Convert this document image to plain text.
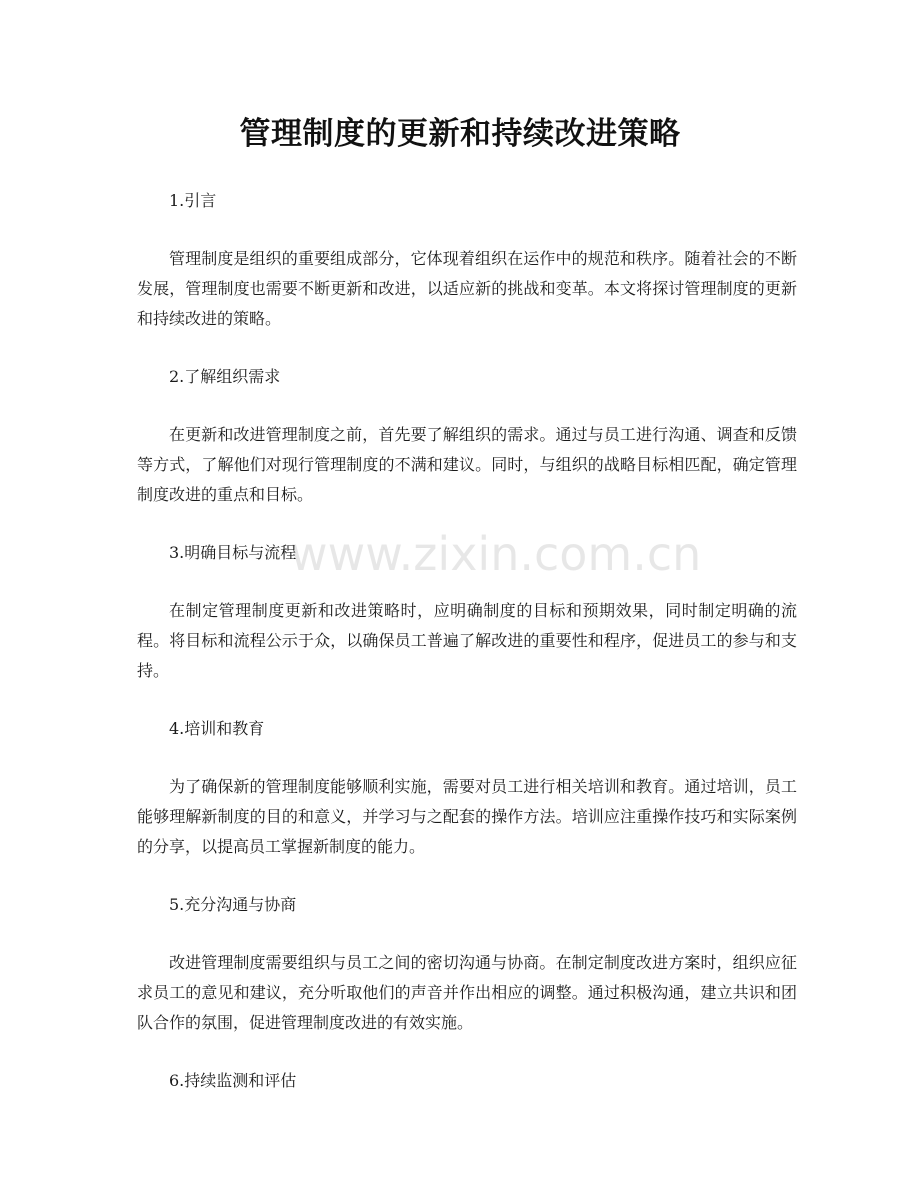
管理制度的更新和持续改进策略
www.zixin.com.cn

1.引言

管理制度是组织的重要组成部分，它体现着组织在运作中的规范和秩序。随着社会的不断发展，管理制度也需要不断更新和改进，以适应新的挑战和变革。本文将探讨管理制度的更新和持续改进的策略。

2.了解组织需求

在更新和改进管理制度之前，首先要了解组织的需求。通过与员工进行沟通、调查和反馈等方式，了解他们对现行管理制度的不满和建议。同时，与组织的战略目标相匹配，确定管理制度改进的重点和目标。

3.明确目标与流程

在制定管理制度更新和改进策略时，应明确制度的目标和预期效果，同时制定明确的流程。将目标和流程公示于众，以确保员工普遍了解改进的重要性和程序，促进员工的参与和支持。

4.培训和教育

为了确保新的管理制度能够顺利实施，需要对员工进行相关培训和教育。通过培训，员工能够理解新制度的目的和意义，并学习与之配套的操作方法。培训应注重操作技巧和实际案例的分享，以提高员工掌握新制度的能力。

5.充分沟通与协商

改进管理制度需要组织与员工之间的密切沟通与协商。在制定制度改进方案时，组织应征求员工的意见和建议，充分听取他们的声音并作出相应的调整。通过积极沟通，建立共识和团队合作的氛围，促进管理制度改进的有效实施。

6.持续监测和评估
